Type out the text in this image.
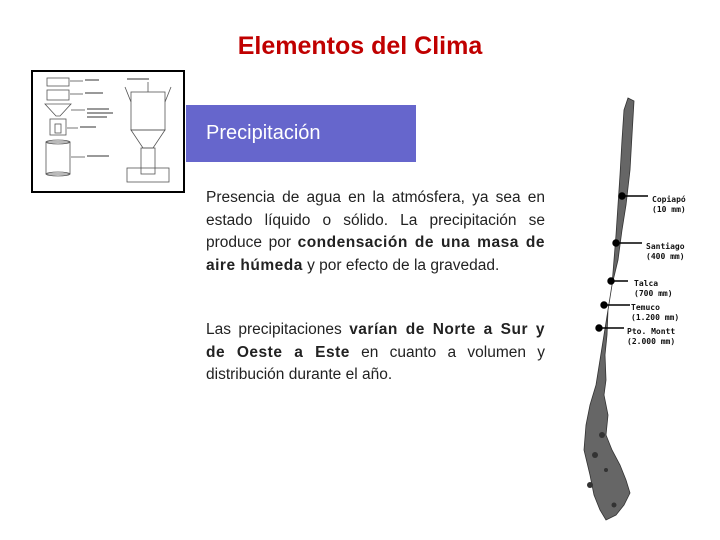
Elementos del Clima
Precipitación
Presencia de agua en la atmósfera, ya sea en estado líquido o sólido. La precipitación se produce por condensación de una masa de aire húmeda y por efecto de la gravedad.
Las precipitaciones varían de Norte a Sur y de Oeste a Este en cuanto a volumen y distribución durante el año.
Copiapó
(10 mm)
Santiago
(400 mm)
Talca
(700 mm)
Temuco
(1.200 mm)
Pto. Montt
(2.000 mm)
